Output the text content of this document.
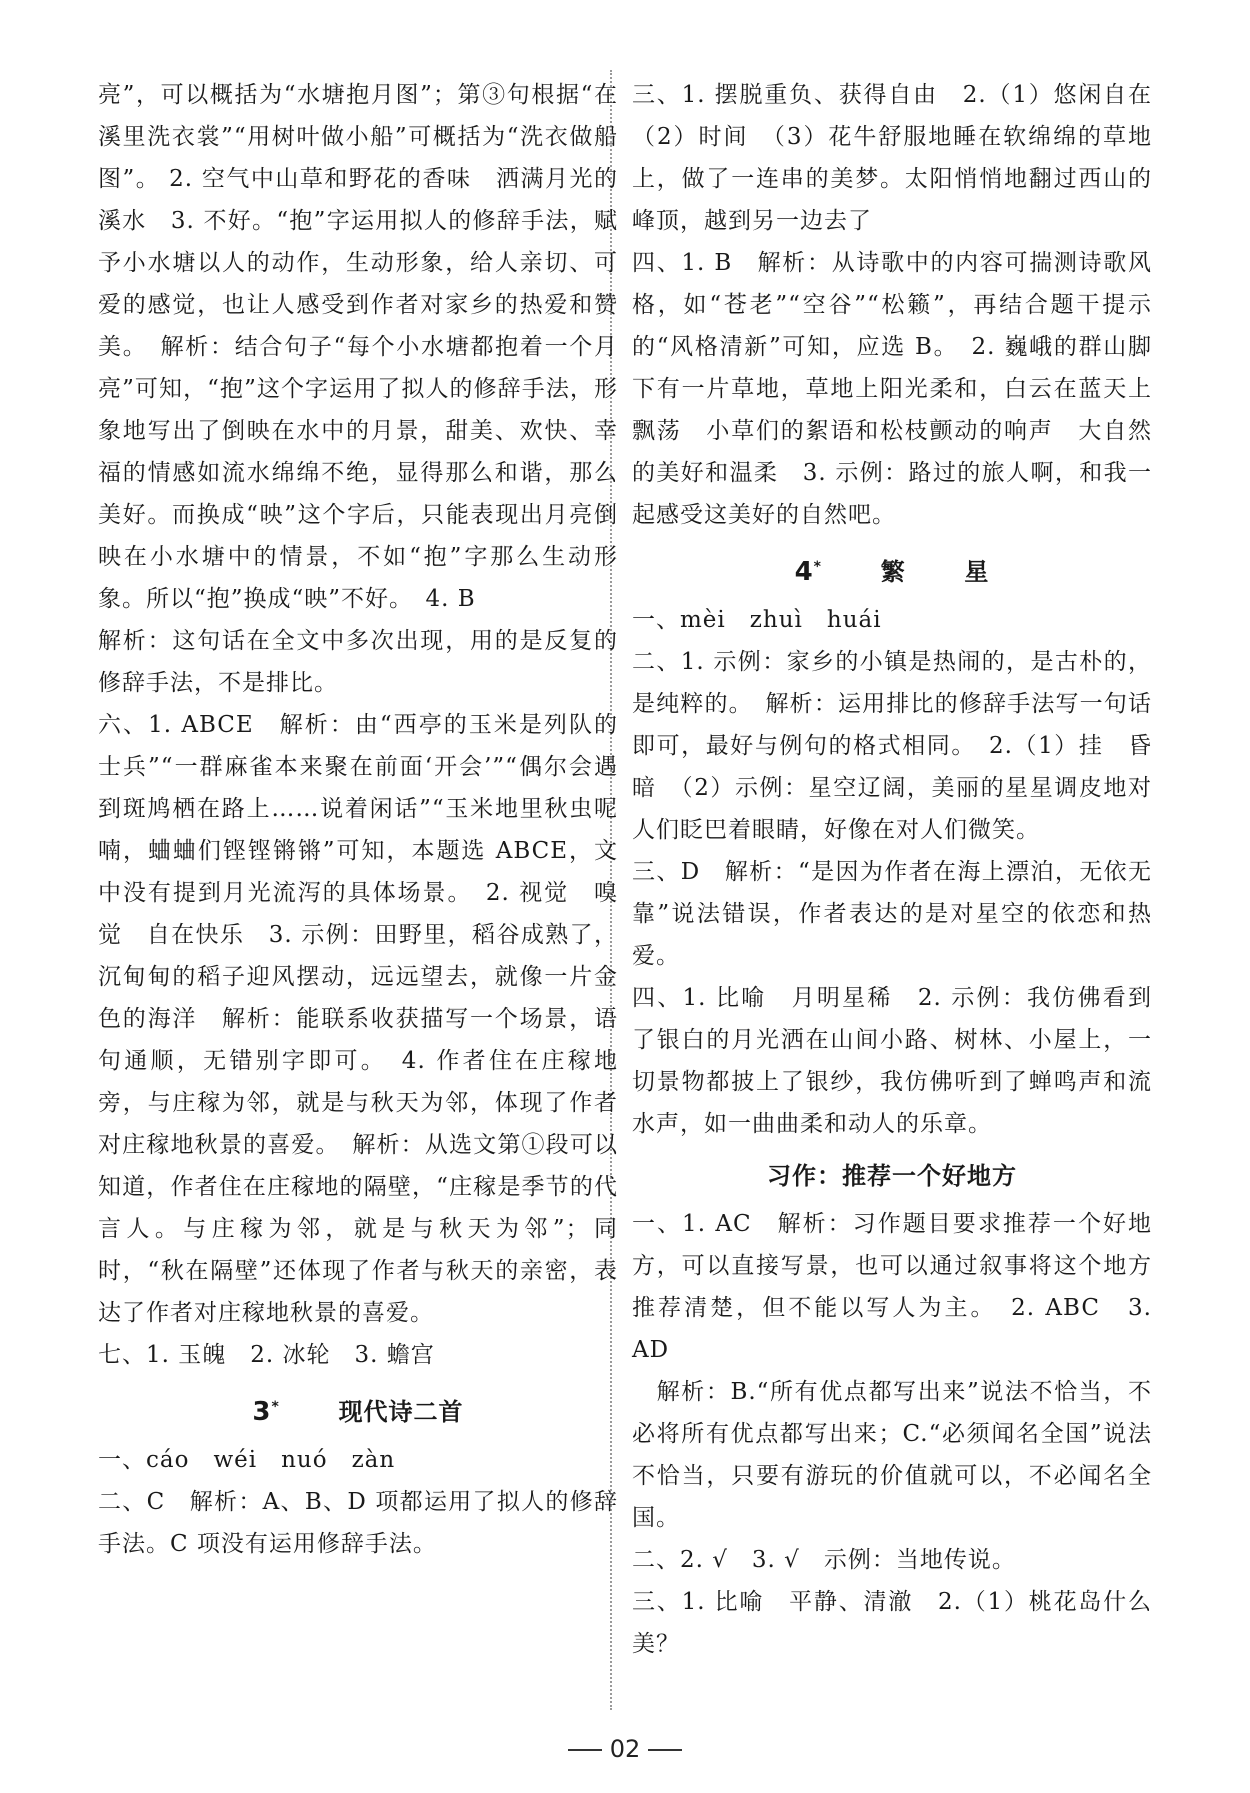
亮”，可以概括为“水塘抱月图”；第③句根据“在溪里洗衣裳”“用树叶做小船”可概括为“洗衣做船图”。 2. 空气中山草和野花的香味　洒满月光的溪水　3. 不好。“抱”字运用拟人的修辞手法，赋予小水塘以人的动作，生动形象，给人亲切、可爱的感觉，也让人感受到作者对家乡的热爱和赞美。　解析：结合句子“每个小水塘都抱着一个月亮”可知，“抱”这个字运用了拟人的修辞手法，形象地写出了倒映在水中的月景，甜美、欢快、幸福的情感如流水绵绵不绝，显得那么和谐，那么美好。而换成“映”这个字后，只能表现出月亮倒映在小水塘中的情景，不如“抱”字那么生动形象。所以“抱”换成“映”不好。　4. B

解析：这句话在全文中多次出现，用的是反复的修辞手法，不是排比。

六、1. ABCE　解析：由“西亭的玉米是列队的士兵”“一群麻雀本来聚在前面‘开会’”“偶尔会遇到斑鸠栖在路上……说着闲话”“玉米地里秋虫呢喃，蛐蛐们铿铿锵锵”可知，本题选 ABCE，文中没有提到月光流泻的具体场景。　2. 视觉　嗅觉　自在快乐　3. 示例：田野里，稻谷成熟了，沉甸甸的稻子迎风摆动，远远望去，就像一片金色的海洋　解析：能联系收获描写一个场景，语句通顺，无错别字即可。　4. 作者住在庄稼地旁，与庄稼为邻，就是与秋天为邻，体现了作者对庄稼地秋景的喜爱。　解析：从选文第①段可以知道，作者住在庄稼地的隔壁，“庄稼是季节的代言人。与庄稼为邻，就是与秋天为邻”；同时，“秋在隔壁”还体现了作者与秋天的亲密，表达了作者对庄稼地秋景的喜爱。

七、1. 玉魄　2. 冰轮　3. 蟾宫

3* 现代诗二首

一、cáo　wéi　nuó　zàn

二、C　解析：A、B、D 项都运用了拟人的修辞手法。C 项没有运用修辞手法。

三、1. 摆脱重负、获得自由　2.（1）悠闲自在（2）时间　（3）花牛舒服地睡在软绵绵的草地上，做了一连串的美梦。太阳悄悄地翻过西山的峰顶，越到另一边去了

四、1. B　解析：从诗歌中的内容可揣测诗歌风格，如“苍老”“空谷”“松籁”，再结合题干提示的“风格清新”可知，应选 B。　2. 巍峨的群山脚下有一片草地，草地上阳光柔和，白云在蓝天上飘荡　小草们的絮语和松枝颤动的响声　大自然的美好和温柔　3. 示例：路过的旅人啊，和我一起感受这美好的自然吧。

4* 繁 星

一、mèi　zhuì　huái

二、1. 示例：家乡的小镇是热闹的，是古朴的，是纯粹的。　解析：运用排比的修辞手法写一句话即可，最好与例句的格式相同。　2.（1）挂　昏暗　（2）示例：星空辽阔，美丽的星星调皮地对人们眨巴着眼睛，好像在对人们微笑。

三、D　解析：“是因为作者在海上漂泊，无依无靠”说法错误，作者表达的是对星空的依恋和热爱。

四、1. 比喻　月明星稀　2. 示例：我仿佛看到了银白的月光洒在山间小路、树林、小屋上，一切景物都披上了银纱，我仿佛听到了蝉鸣声和流水声，如一曲曲柔和动人的乐章。

习作：推荐一个好地方

一、1. AC　解析：习作题目要求推荐一个好地方，可以直接写景，也可以通过叙事将这个地方推荐清楚，但不能以写人为主。　2. ABC　3. AD

　解析：B.“所有优点都写出来”说法不恰当，不必将所有优点都写出来；C.“必须闻名全国”说法不恰当，只要有游玩的价值就可以，不必闻名全国。

二、2. √　3. √　示例：当地传说。

三、1. 比喻　平静、清澈　2.（1）桃花岛什么美？

02
